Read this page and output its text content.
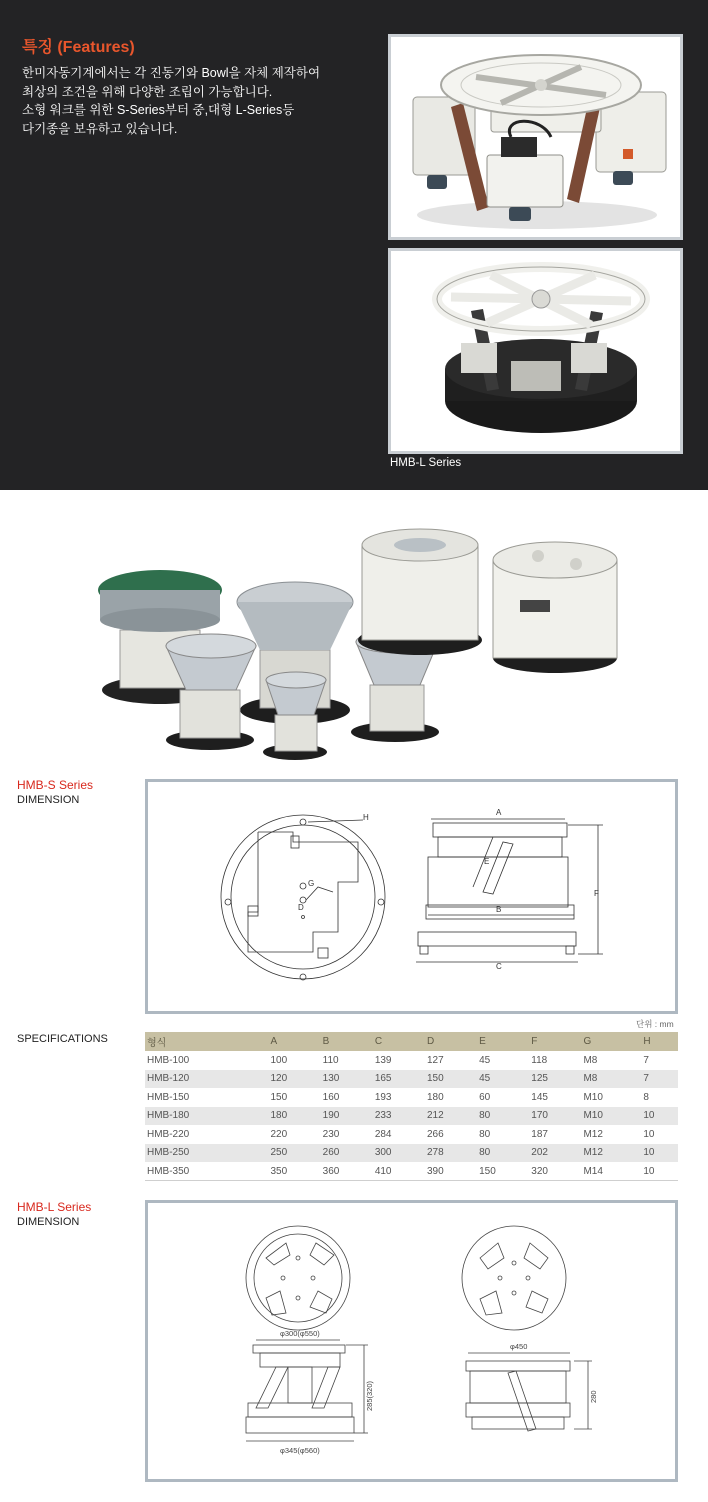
특징 (Features)
한미자동기계에서는 각 진동기와 Bowl을 자체 제작하여
최상의 조건을 위해 다양한 조립이 가능합니다.
소형 워크를 위한 S-Series부터 중,대형 L-Series등
다기종을 보유하고 있습니다.
HMB-L Series
HMB-S Series
DIMENSION
H
G
D
A
B
C
E
F
SPECIFICATIONS
단위 : mm
형식	A	B	C	D	E	F	G	H
HMB-100	100	110	139	127	45	118	M8	7
HMB-120	120	130	165	150	45	125	M8	7
HMB-150	150	160	193	180	60	145	M10	8
HMB-180	180	190	233	212	80	170	M10	10
HMB-220	220	230	284	266	80	187	M12	10
HMB-250	250	260	300	278	80	202	M12	10
HMB-350	350	360	410	390	150	320	M14	10
HMB-L Series
DIMENSION
φ300(φ550)
φ345(φ560)
285(320)
φ450
280
